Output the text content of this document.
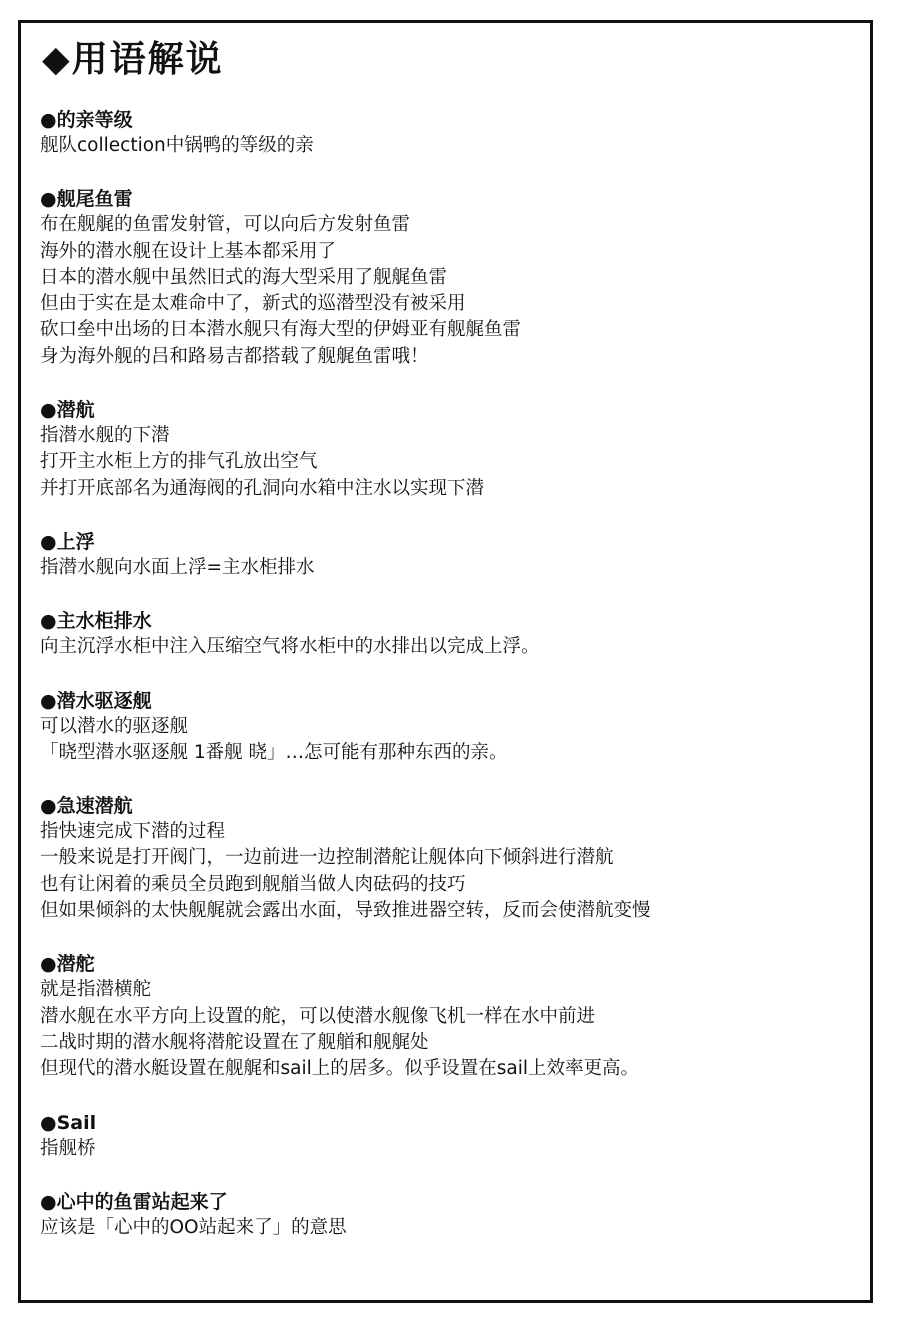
◆用语解说
●的亲等级
舰队collection中锅鸭的等级的亲
●舰尾鱼雷
布在舰艉的鱼雷发射管，可以向后方发射鱼雷
海外的潜水舰在设计上基本都采用了
日本的潜水舰中虽然旧式的海大型采用了舰艉鱼雷
但由于实在是太难命中了，新式的巡潜型没有被采用
砍口垒中出场的日本潜水舰只有海大型的伊姆亚有舰艉鱼雷
身为海外舰的吕和路易吉都搭载了舰艉鱼雷哦！
●潜航
指潜水舰的下潜
打开主水柜上方的排气孔放出空气
并打开底部名为通海阀的孔洞向水箱中注水以实现下潜
●上浮
指潜水舰向水面上浮=主水柜排水
●主水柜排水
向主沉浮水柜中注入压缩空气将水柜中的水排出以完成上浮。
●潜水驱逐舰
可以潜水的驱逐舰
「晓型潜水驱逐舰 1番舰 晓」…怎可能有那种东西的亲。
●急速潜航
指快速完成下潜的过程
一般来说是打开阀门，一边前进一边控制潜舵让舰体向下倾斜进行潜航
也有让闲着的乘员全员跑到舰艏当做人肉砝码的技巧
但如果倾斜的太快舰艉就会露出水面，导致推进器空转，反而会使潜航变慢
●潜舵
就是指潜横舵
潜水舰在水平方向上设置的舵，可以使潜水舰像飞机一样在水中前进
二战时期的潜水舰将潜舵设置在了舰艏和舰艉处
但现代的潜水艇设置在舰艉和sail上的居多。似乎设置在sail上效率更高。
●Sail
指舰桥
●心中的鱼雷站起来了
应该是「心中的OO站起来了」的意思
